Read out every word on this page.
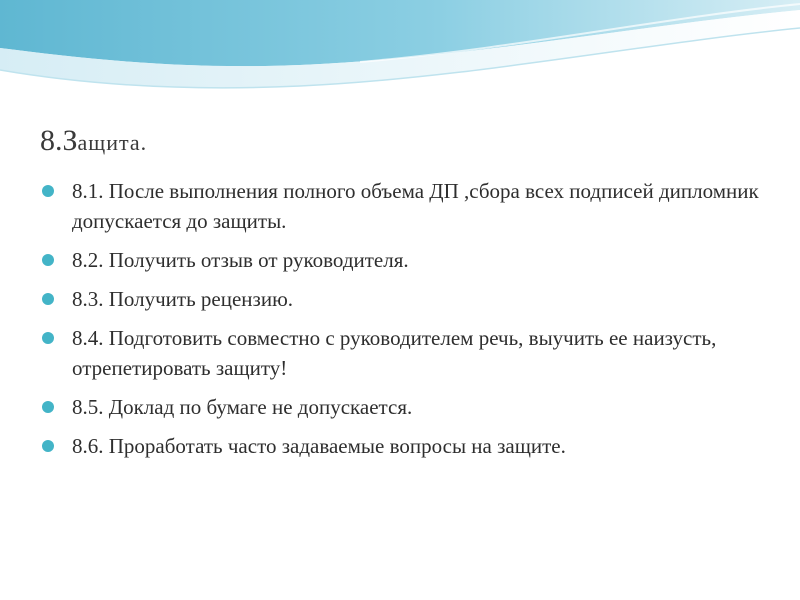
8.Защита.
8.1. После выполнения полного объема ДП ,сбора всех подписей дипломник допускается до защиты.
8.2. Получить отзыв от руководителя.
8.3. Получить рецензию.
8.4. Подготовить совместно с руководителем речь, выучить ее наизусть, отрепетировать защиту!
8.5. Доклад по бумаге не допускается.
8.6. Проработать часто задаваемые вопросы на защите.
